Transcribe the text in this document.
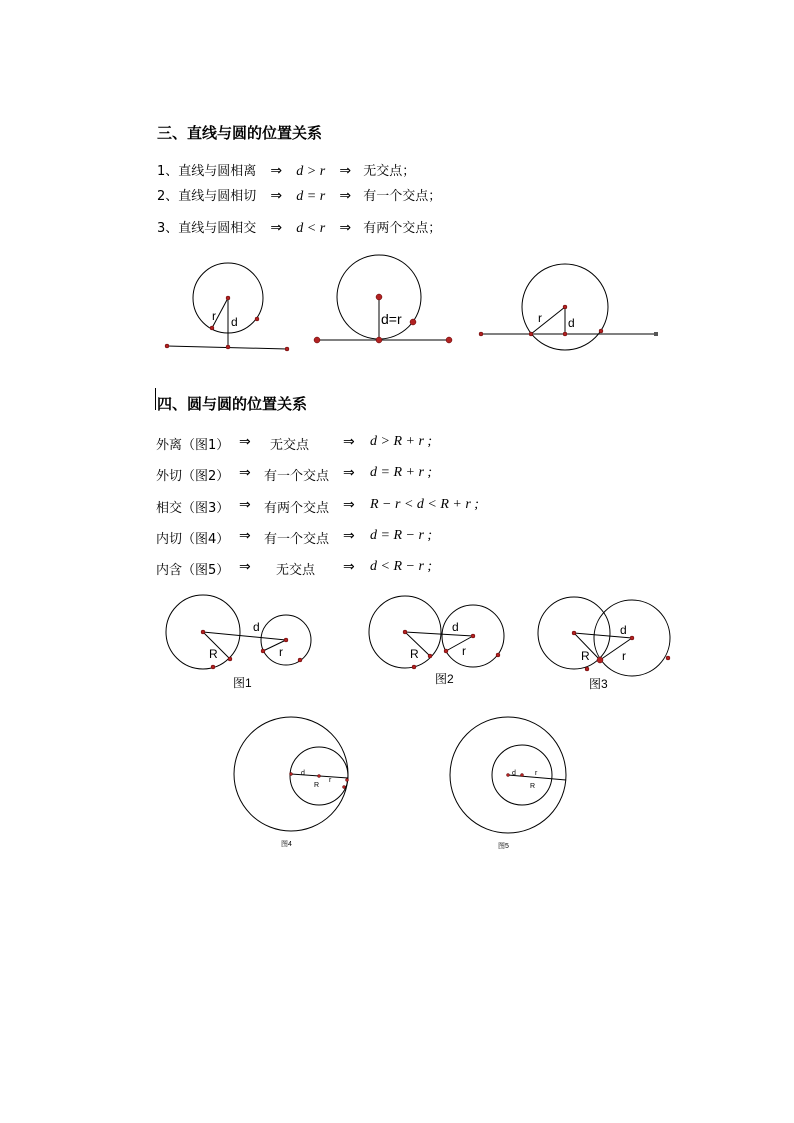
三、直线与圆的位置关系
1、直线与圆相离 ⇒ d > r ⇒ 无交点；
2、直线与圆相切 ⇒ d = r ⇒ 有一个交点；
3、直线与圆相交 ⇒ d < r ⇒ 有两个交点；
r d	d=r	r d
四、圆与圆的位置关系
外离（图1） ⇒ 无交点 ⇒ d > R + r ;
外切（图2） ⇒ 有一个交点 ⇒ d = R + r ;
相交（图3） ⇒ 有两个交点 ⇒ R − r < d < R + r ;
内切（图4） ⇒ 有一个交点 ⇒ d = R − r ;
内含（图5） ⇒ 无交点 ⇒ d < R − r ;
d
R	r
图1
d
R	r
图2
d
R	r
图3
d
R
r
图4
d
R
r
图5
